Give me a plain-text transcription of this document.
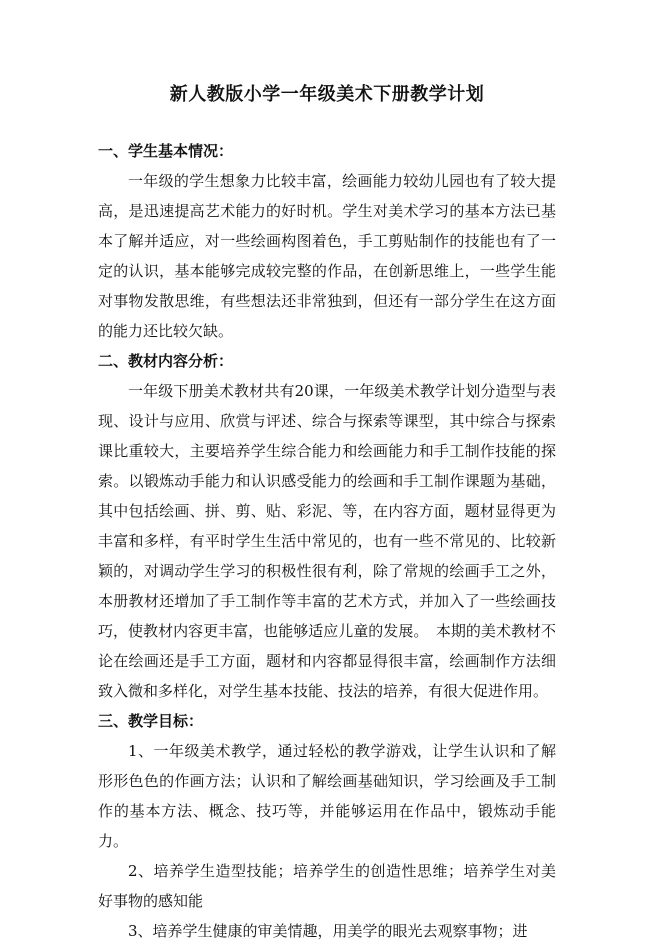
新人教版小学一年级美术下册教学计划

一、学生基本情况：

一年级的学生想象力比较丰富，绘画能力较幼儿园也有了较大提高，是迅速提高艺术能力的好时机。学生对美术学习的基本方法已基本了解并适应，对一些绘画构图着色，手工剪贴制作的技能也有了一定的认识，基本能够完成较完整的作品，在创新思维上，一些学生能对事物发散思维，有些想法还非常独到，但还有一部分学生在这方面的能力还比较欠缺。

二、教材内容分析：

一年级下册美术教材共有20课，一年级美术教学计划分造型与表现、设计与应用、欣赏与评述、综合与探索等课型，其中综合与探索课比重较大，主要培养学生综合能力和绘画能力和手工制作技能的探索。以锻炼动手能力和认识感受能力的绘画和手工制作课题为基础，其中包括绘画、拼、剪、贴、彩泥、等，在内容方面，题材显得更为丰富和多样，有平时学生生活中常见的，也有一些不常见的、比较新颖的，对调动学生学习的积极性很有利，除了常规的绘画手工之外，本册教材还增加了手工制作等丰富的艺术方式，并加入了一些绘画技巧，使教材内容更丰富，也能够适应儿童的发展。　本期的美术教材不论在绘画还是手工方面，题材和内容都显得很丰富，绘画制作方法细致入微和多样化，对学生基本技能、技法的培养，有很大促进作用。

三、教学目标：

1、一年级美术教学，通过轻松的教学游戏，让学生认识和了解形形色色的作画方法；认识和了解绘画基础知识，学习绘画及手工制作的基本方法、概念、技巧等，并能够运用在作品中，锻炼动手能力。

2、培养学生造型技能；培养学生的创造性思维；培养学生对美好事物的感知能

3、培养学生健康的审美情趣，用美学的眼光去观察事物；进
